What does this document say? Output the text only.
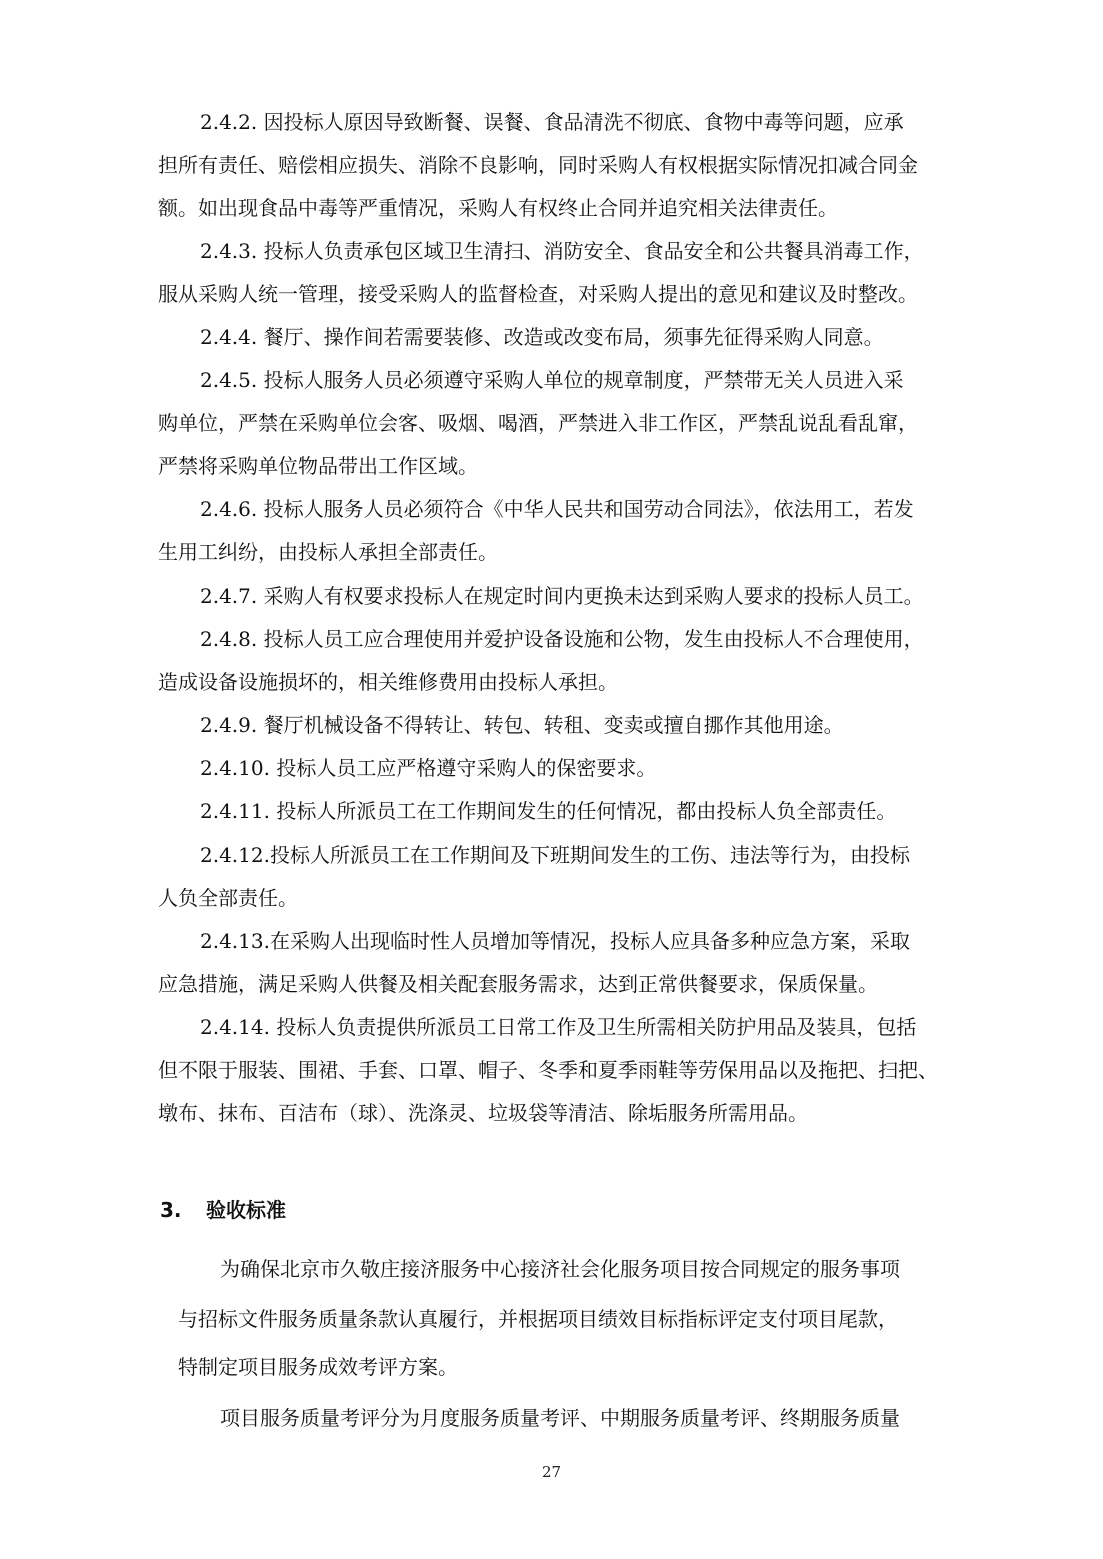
2.4.2. 因投标人原因导致断餐、误餐、食品清洗不彻底、食物中毒等问题，应承
担所有责任、赔偿相应损失、消除不良影响，同时采购人有权根据实际情况扣减合同金
额。如出现食品中毒等严重情况，采购人有权终止合同并追究相关法律责任。
2.4.3. 投标人负责承包区域卫生清扫、消防安全、食品安全和公共餐具消毒工作，
服从采购人统一管理，接受采购人的监督检查，对采购人提出的意见和建议及时整改。
2.4.4. 餐厅、操作间若需要装修、改造或改变布局，须事先征得采购人同意。
2.4.5. 投标人服务人员必须遵守采购人单位的规章制度，严禁带无关人员进入采
购单位，严禁在采购单位会客、吸烟、喝酒，严禁进入非工作区，严禁乱说乱看乱窜，
严禁将采购单位物品带出工作区域。
2.4.6. 投标人服务人员必须符合《中华人民共和国劳动合同法》，依法用工，若发
生用工纠纷，由投标人承担全部责任。
2.4.7. 采购人有权要求投标人在规定时间内更换未达到采购人要求的投标人员工。
2.4.8. 投标人员工应合理使用并爱护设备设施和公物，发生由投标人不合理使用，
造成设备设施损坏的，相关维修费用由投标人承担。
2.4.9. 餐厅机械设备不得转让、转包、转租、变卖或擅自挪作其他用途。
2.4.10. 投标人员工应严格遵守采购人的保密要求。
2.4.11. 投标人所派员工在工作期间发生的任何情况，都由投标人负全部责任。
2.4.12.投标人所派员工在工作期间及下班期间发生的工伤、违法等行为，由投标
人负全部责任。
2.4.13.在采购人出现临时性人员增加等情况，投标人应具备多种应急方案，采取
应急措施，满足采购人供餐及相关配套服务需求，达到正常供餐要求，保质保量。
2.4.14. 投标人负责提供所派员工日常工作及卫生所需相关防护用品及装具，包括
但不限于服装、围裙、手套、口罩、帽子、冬季和夏季雨鞋等劳保用品以及拖把、扫把、
墩布、抹布、百洁布（球）、洗涤灵、垃圾袋等清洁、除垢服务所需用品。
3. 验收标准
为确保北京市久敬庄接济服务中心接济社会化服务项目按合同规定的服务事项
与招标文件服务质量条款认真履行，并根据项目绩效目标指标评定支付项目尾款，
特制定项目服务成效考评方案。
项目服务质量考评分为月度服务质量考评、中期服务质量考评、终期服务质量
27
